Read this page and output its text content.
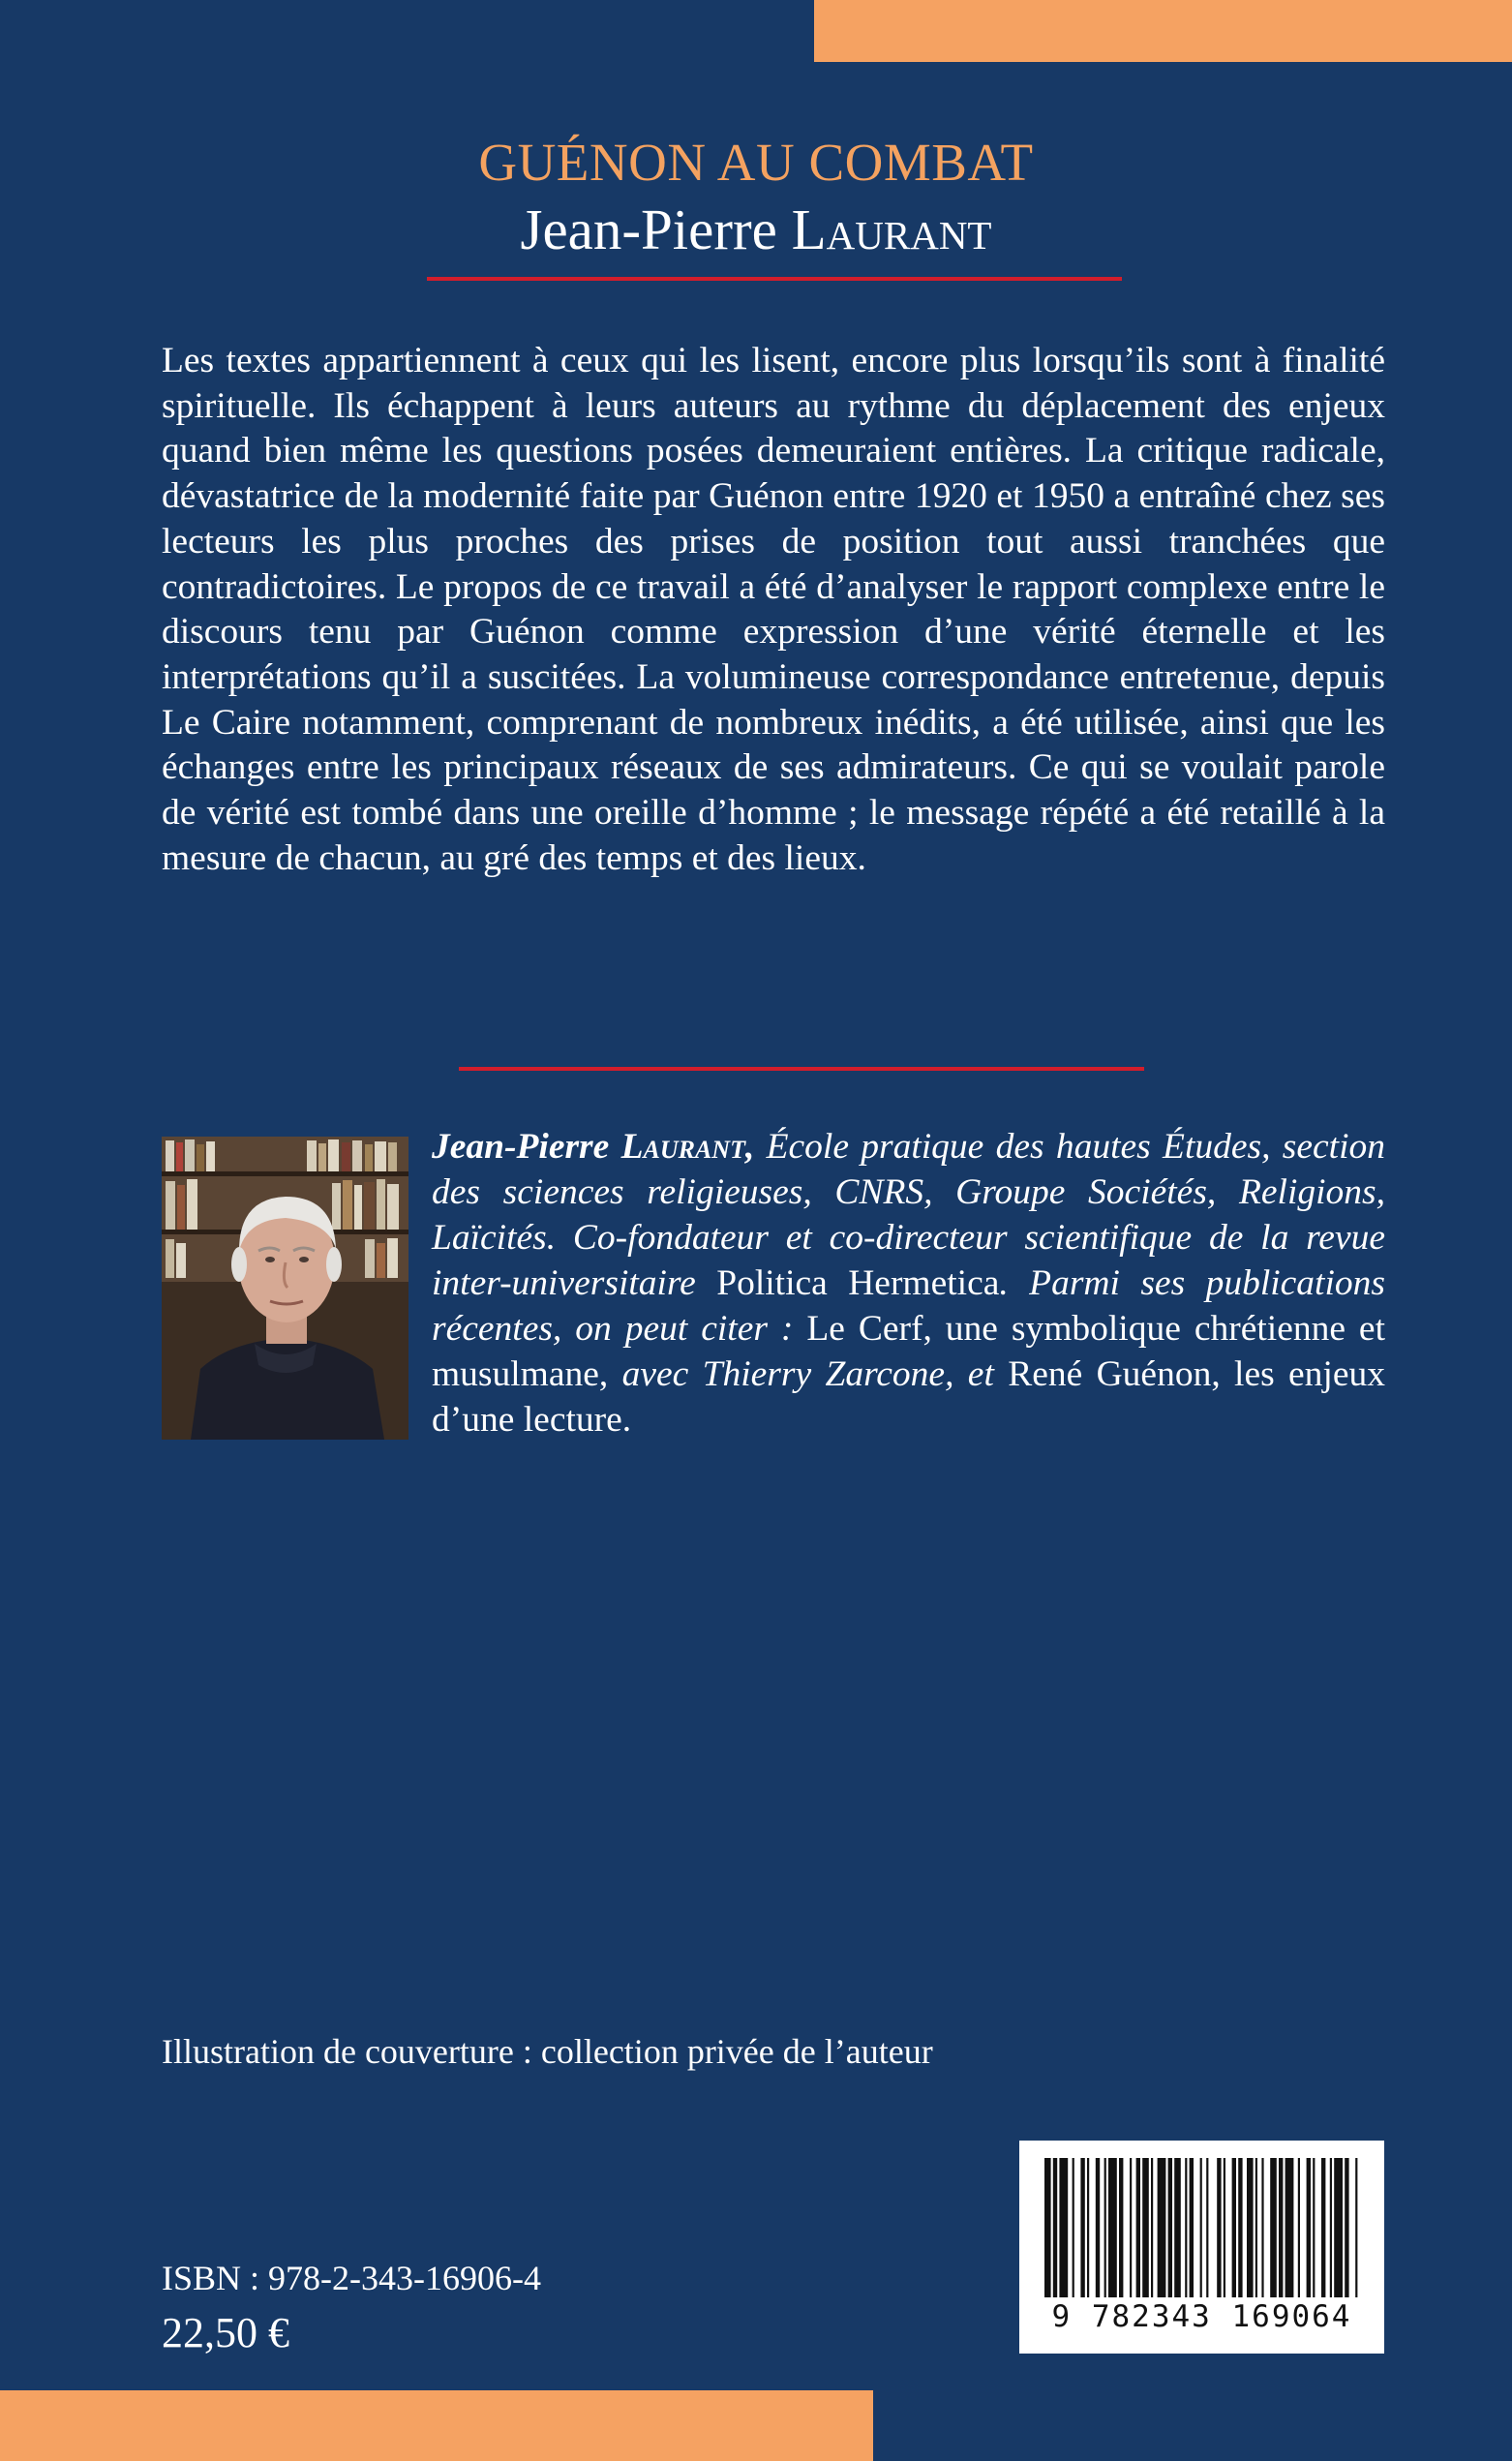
GUÉNON AU COMBAT
Jean-Pierre Laurant

Les textes appartiennent à ceux qui les lisent, encore plus lorsqu’ils sont à finalité spirituelle. Ils échappent à leurs auteurs au rythme du déplacement des enjeux quand bien même les questions posées demeuraient entières. La critique radicale, dévastatrice de la modernité faite par Guénon entre 1920 et 1950 a entraîné chez ses lecteurs les plus proches des prises de position tout aussi tranchées que contradictoires. Le propos de ce travail a été d’analyser le rapport complexe entre le discours tenu par Guénon comme expression d’une vérité éternelle et les interprétations qu’il a suscitées. La volumineuse correspondance entretenue, depuis Le Caire notamment, comprenant de nombreux inédits, a été utilisée, ainsi que les échanges entre les principaux réseaux de ses admirateurs. Ce qui se voulait parole de vérité est tombé dans une oreille d’homme ; le message répété a été retaillé à la mesure de chacun, au gré des temps et des lieux.

Jean-Pierre Laurant, École pratique des hautes Études, section des sciences religieuses, CNRS, Groupe Sociétés, Religions, Laïcités. Co-fondateur et co-directeur scientifique de la revue inter-universitaire Politica Hermetica. Parmi ses publications récentes, on peut citer : Le Cerf, une symbolique chrétienne et musulmane, avec Thierry Zarcone, et René Guénon, les enjeux d’une lecture.

Illustration de couverture : collection privée de l’auteur
ISBN : 978-2-343-16906-4
22,50 €	9 782343 169064
